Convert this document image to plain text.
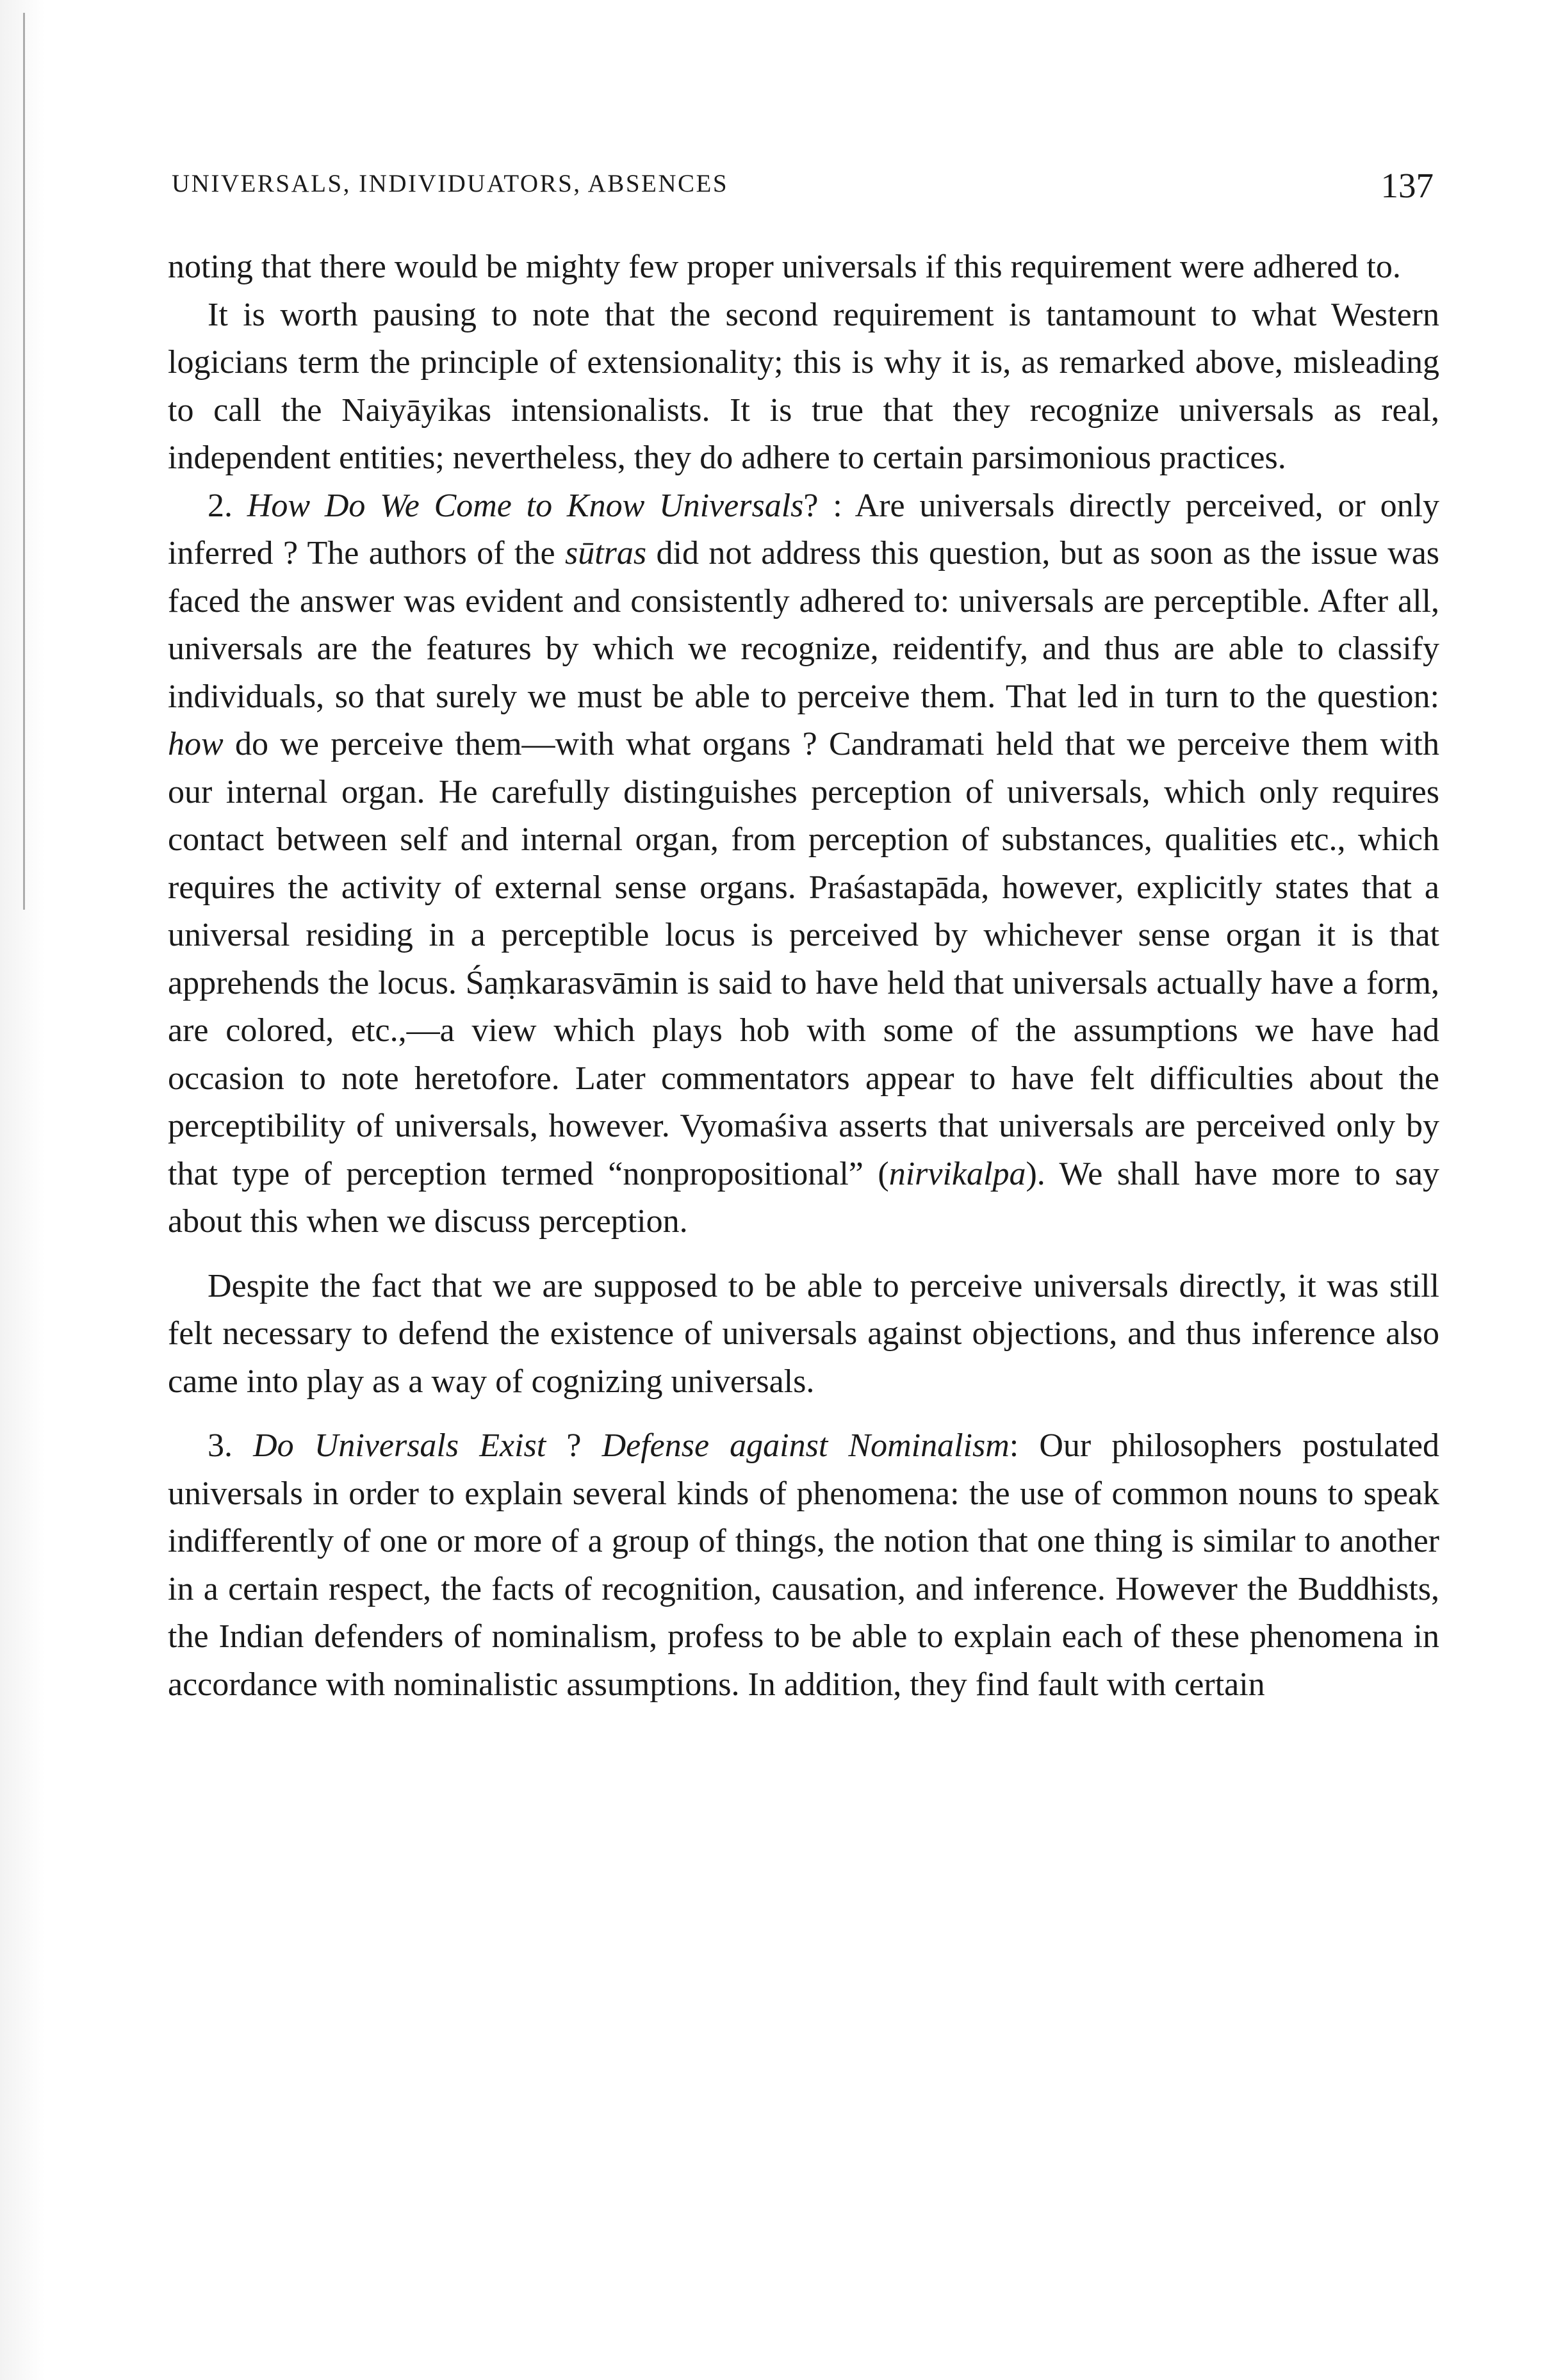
UNIVERSALS, INDIVIDUATORS, ABSENCES	137

noting that there would be mighty few proper universals if this requirement were adhered to.

It is worth pausing to note that the second requirement is tantamount to what Western logicians term the principle of extensionality; this is why it is, as remarked above, misleading to call the Naiyāyikas intensionalists. It is true that they recognize universals as real, independent entities; nevertheless, they do adhere to certain parsimonious practices.

2. How Do We Come to Know Universals? : Are universals directly perceived, or only inferred ? The authors of the sūtras did not address this question, but as soon as the issue was faced the answer was evident and consistently adhered to: universals are perceptible. After all, universals are the features by which we recognize, reidentify, and thus are able to classify individuals, so that surely we must be able to perceive them. That led in turn to the question: how do we perceive them—with what organs ? Candramati held that we perceive them with our internal organ. He carefully distinguishes perception of universals, which only requires contact between self and internal organ, from perception of substances, qualities etc., which requires the activity of external sense organs. Praśastapāda, however, explicitly states that a universal residing in a perceptible locus is perceived by whichever sense organ it is that apprehends the locus. Śaṃkarasvāmin is said to have held that universals actually have a form, are colored, etc.,—a view which plays hob with some of the assumptions we have had occasion to note heretofore. Later commentators appear to have felt difficulties about the perceptibility of universals, however. Vyomaśiva asserts that universals are perceived only by that type of perception termed “nonpropositional” (nirvikalpa). We shall have more to say about this when we discuss perception.

Despite the fact that we are supposed to be able to perceive universals directly, it was still felt necessary to defend the existence of universals against objections, and thus inference also came into play as a way of cognizing universals.

3. Do Universals Exist ? Defense against Nominalism: Our philosophers postulated universals in order to explain several kinds of phenomena: the use of common nouns to speak indifferently of one or more of a group of things, the notion that one thing is similar to another in a certain respect, the facts of recognition, causation, and inference. However the Buddhists, the Indian defenders of nominalism, profess to be able to explain each of these phenomena in accordance with nominalistic assumptions. In addition, they find fault with certain
